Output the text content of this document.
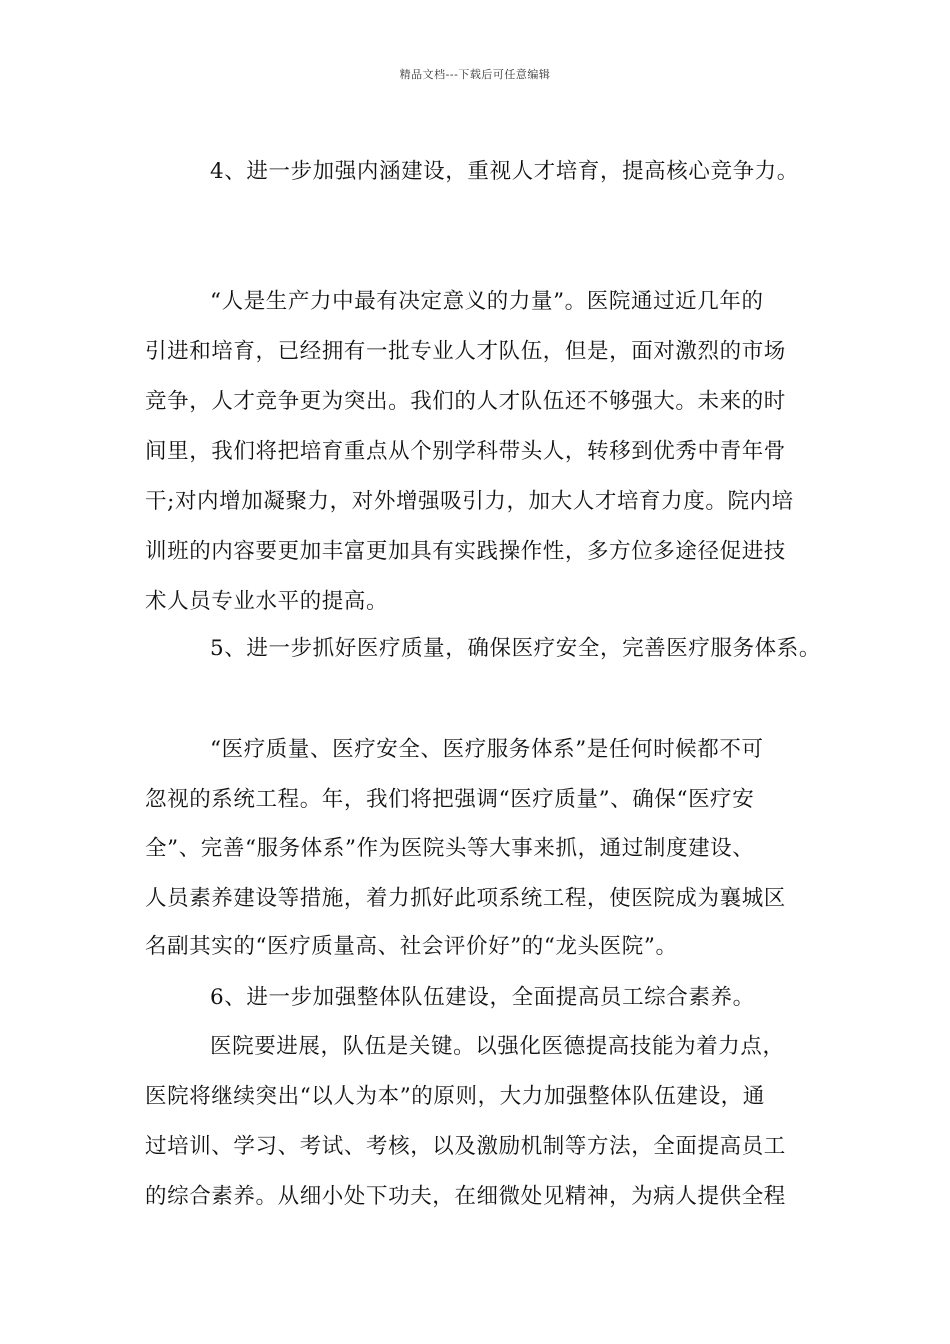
精品文档---下载后可任意编辑
4、进一步加强内涵建设，重视人才培育，提高核心竞争力。
“人是生产力中最有决定意义的力量”。医院通过近几年的
引进和培育，已经拥有一批专业人才队伍，但是，面对激烈的市场
竞争，人才竞争更为突出。我们的人才队伍还不够强大。未来的时
间里，我们将把培育重点从个别学科带头人，转移到优秀中青年骨
干;对内增加凝聚力，对外增强吸引力，加大人才培育力度。院内培
训班的内容要更加丰富更加具有实践操作性，多方位多途径促进技
术人员专业水平的提高。
5、进一步抓好医疗质量，确保医疗安全，完善医疗服务体系。
“医疗质量、医疗安全、医疗服务体系”是任何时候都不可
忽视的系统工程。年，我们将把强调“医疗质量”、确保“医疗安
全”、完善“服务体系”作为医院头等大事来抓，通过制度建设、
人员素养建设等措施，着力抓好此项系统工程，使医院成为襄城区
名副其实的“医疗质量高、社会评价好”的“龙头医院”。
6、进一步加强整体队伍建设，全面提高员工综合素养。
医院要进展，队伍是关键。以强化医德提高技能为着力点，
医院将继续突出“以人为本”的原则，大力加强整体队伍建设，通
过培训、学习、考试、考核，以及激励机制等方法，全面提高员工
的综合素养。从细小处下功夫，在细微处见精神，为病人提供全程
